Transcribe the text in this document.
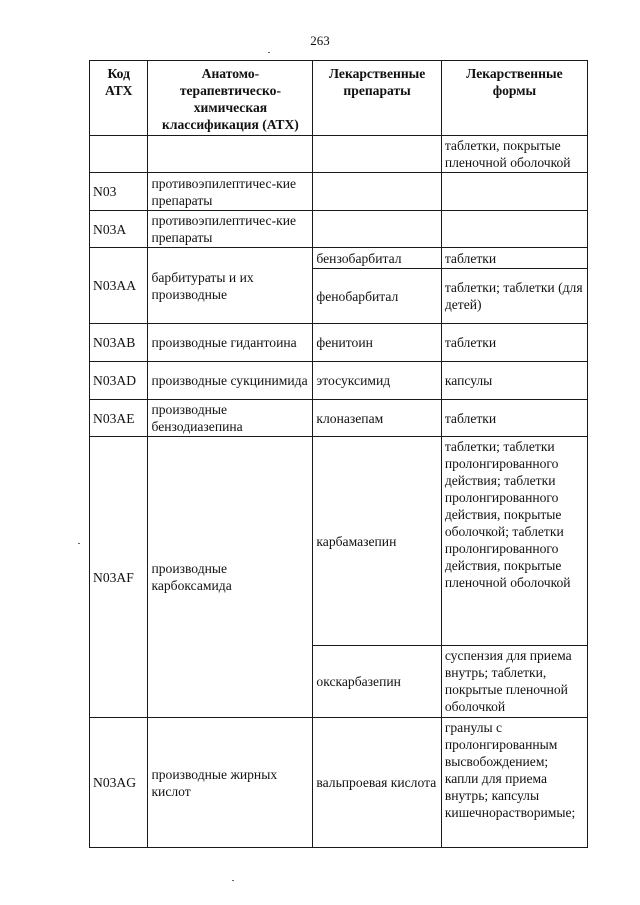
263
Код АТХ	Анатомо-терапевтическо-химическая классификация (АТХ)	Лекарственные препараты	Лекарственные формы
			таблетки, покрытые пленочной оболочкой
N03	противоэпилептичес-кие препараты		
N03A	противоэпилептичес-кие препараты		
N03AA	барбитураты и их производные	бензобарбитал	таблетки
		фенобарбитал	таблетки; таблетки (для детей)
N03AB	производные гидантоина	фенитоин	таблетки
N03AD	производные сукцинимида	этосуксимид	капсулы
N03AE	производные бензодиазепина	клоназепам	таблетки
N03AF	производные карбоксамида	карбамазепин	таблетки; таблетки пролонгированного действия; таблетки пролонгированного действия, покрытые оболочкой; таблетки пролонгированного действия, покрытые пленочной оболочкой
		окскарбазепин	суспензия для приема внутрь; таблетки, покрытые пленочной оболочкой
N03AG	производные жирных кислот	вальпроевая кислота	гранулы с пролонгированным высвобождением; капли для приема внутрь; капсулы кишечнорастворимые;
